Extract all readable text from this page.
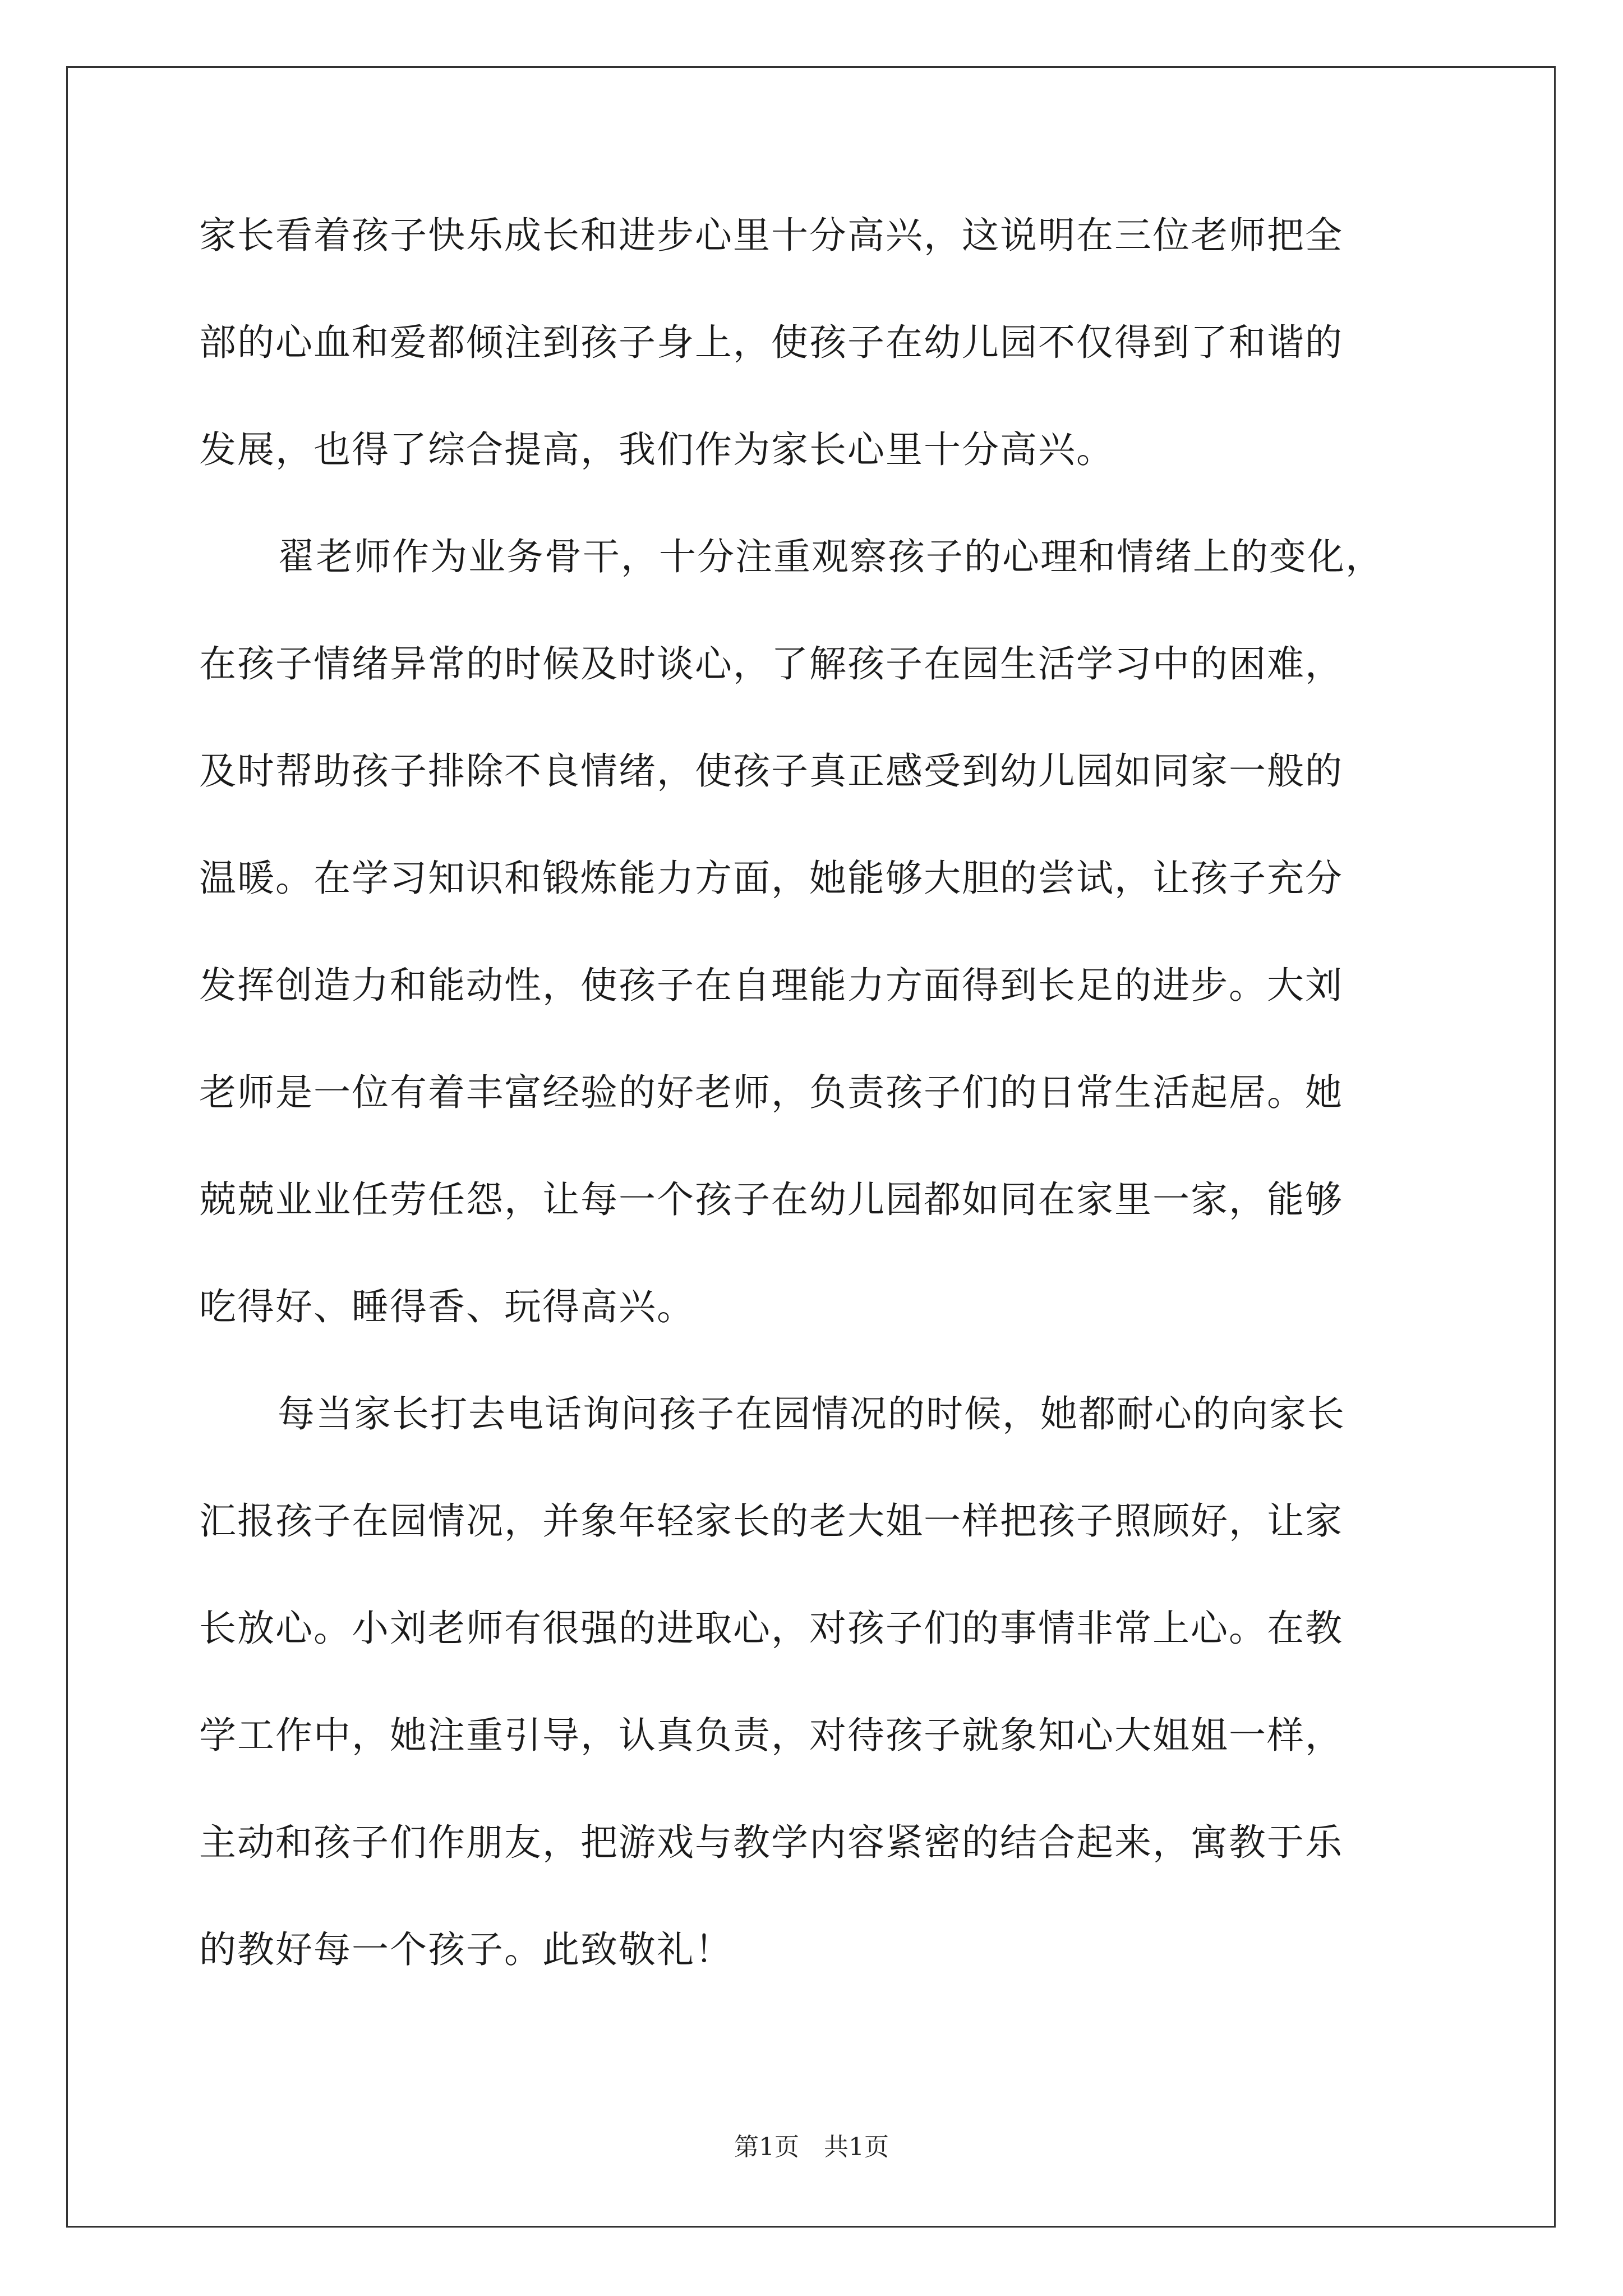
家长看着孩子快乐成长和进步心里十分高兴，这说明在三位老师把全
部的心血和爱都倾注到孩子身上，使孩子在幼儿园不仅得到了和谐的
发展，也得了综合提高，我们作为家长心里十分高兴。
翟老师作为业务骨干，十分注重观察孩子的心理和情绪上的变化，
在孩子情绪异常的时候及时谈心，了解孩子在园生活学习中的困难，
及时帮助孩子排除不良情绪，使孩子真正感受到幼儿园如同家一般的
温暖。在学习知识和锻炼能力方面，她能够大胆的尝试，让孩子充分
发挥创造力和能动性，使孩子在自理能力方面得到长足的进步。大刘
老师是一位有着丰富经验的好老师，负责孩子们的日常生活起居。她
兢兢业业任劳任怨，让每一个孩子在幼儿园都如同在家里一家，能够
吃得好、睡得香、玩得高兴。
每当家长打去电话询问孩子在园情况的时候，她都耐心的向家长
汇报孩子在园情况，并象年轻家长的老大姐一样把孩子照顾好，让家
长放心。小刘老师有很强的进取心，对孩子们的事情非常上心。在教
学工作中，她注重引导，认真负责，对待孩子就象知心大姐姐一样，
主动和孩子们作朋友，把游戏与教学内容紧密的结合起来，寓教于乐
的教好每一个孩子。此致敬礼！
第1页　共1页
